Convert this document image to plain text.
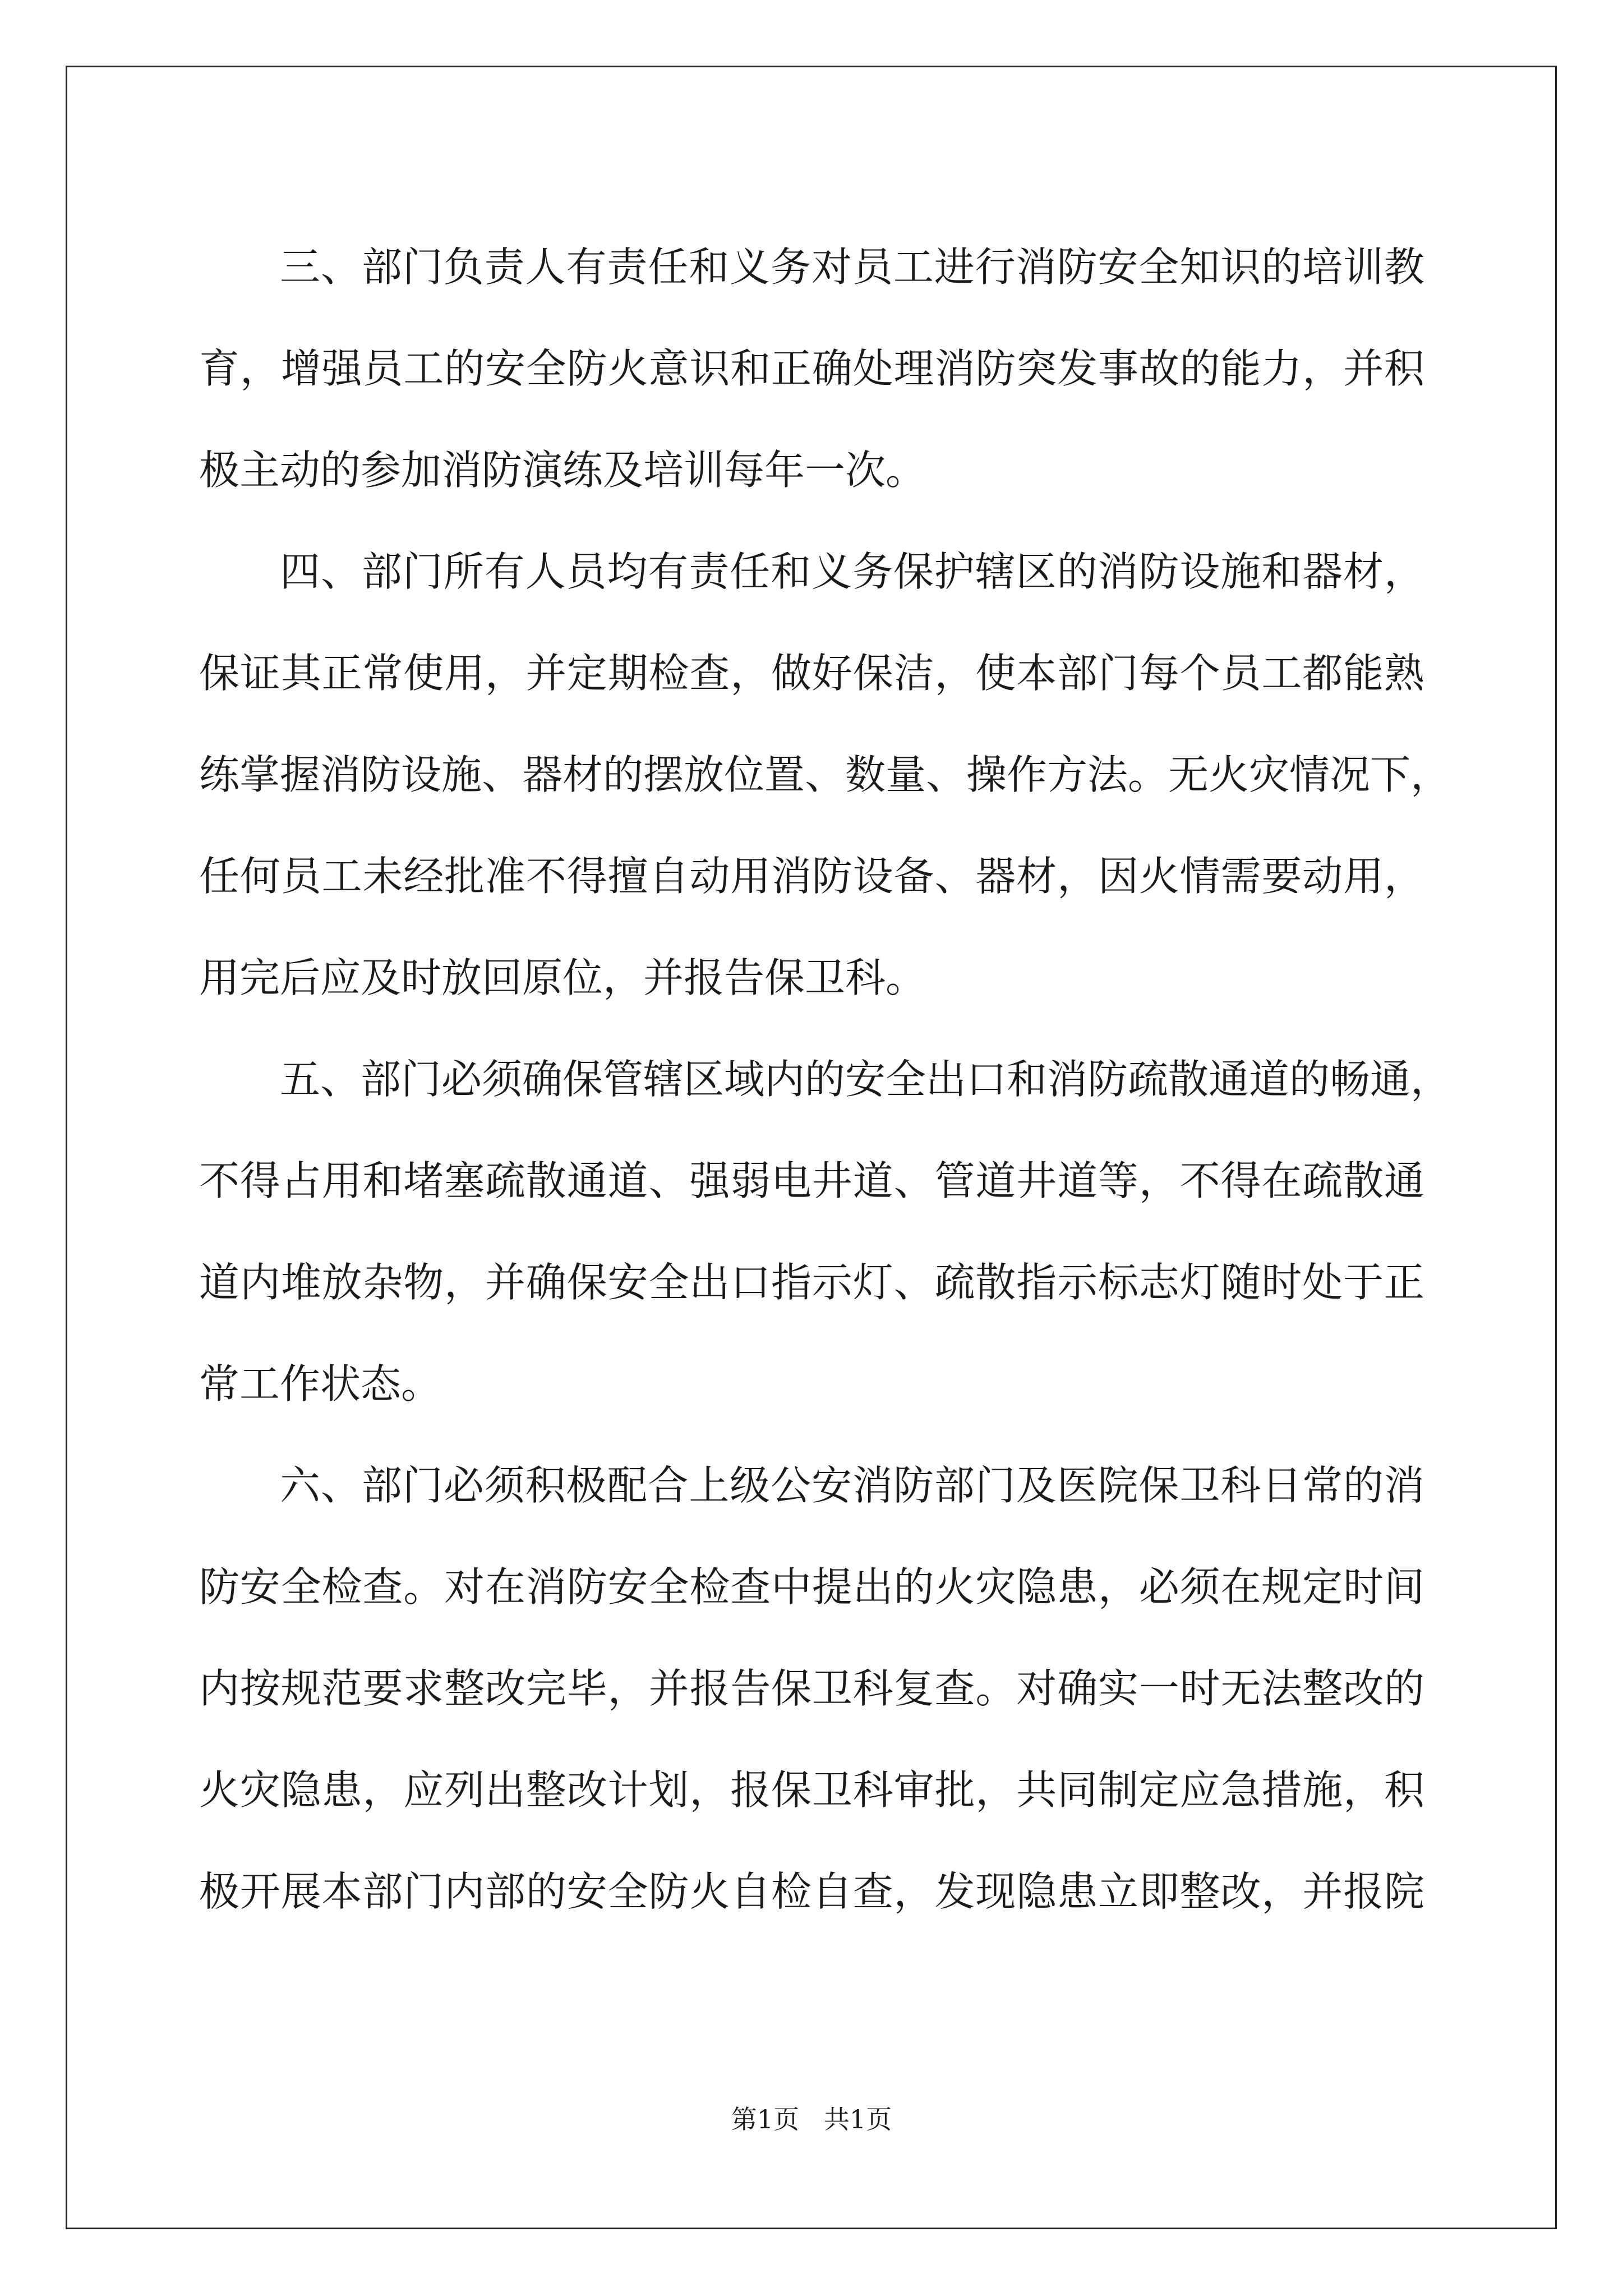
三、部门负责人有责任和义务对员工进行消防安全知识的培训教
育，增强员工的安全防火意识和正确处理消防突发事故的能力，并积
极主动的参加消防演练及培训每年一次。
四、部门所有人员均有责任和义务保护辖区的消防设施和器材，
保证其正常使用，并定期检查，做好保洁，使本部门每个员工都能熟
练掌握消防设施、器材的摆放位置、数量、操作方法。无火灾情况下，
任何员工未经批准不得擅自动用消防设备、器材，因火情需要动用，
用完后应及时放回原位，并报告保卫科。
五、部门必须确保管辖区域内的安全出口和消防疏散通道的畅通，
不得占用和堵塞疏散通道、强弱电井道、管道井道等，不得在疏散通
道内堆放杂物，并确保安全出口指示灯、疏散指示标志灯随时处于正
常工作状态。
六、部门必须积极配合上级公安消防部门及医院保卫科日常的消
防安全检查。对在消防安全检查中提出的火灾隐患，必须在规定时间
内按规范要求整改完毕，并报告保卫科复查。对确实一时无法整改的
火灾隐患，应列出整改计划，报保卫科审批，共同制定应急措施，积
极开展本部门内部的安全防火自检自查，发现隐患立即整改，并报院
第1页   共1页
